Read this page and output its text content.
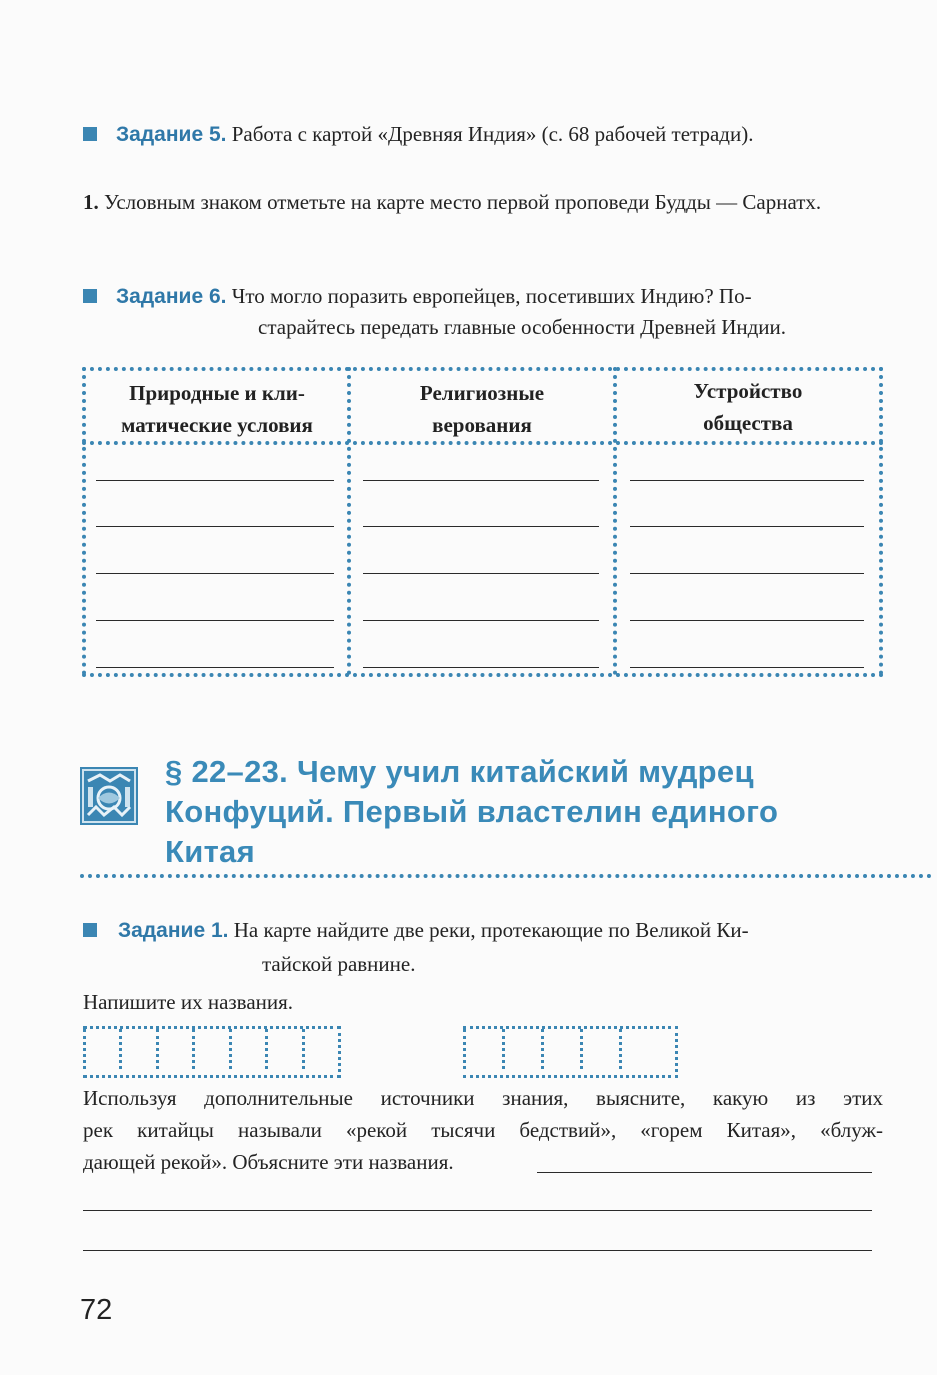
Задание 5. Работа с картой «Древняя Индия» (с. 68 рабочей тетради).
1. Условным знаком отметьте на карте место первой проповеди Будды — Сарнатх.
Задание 6. Что могло поразить европейцев, посетивших Индию? По-
старайтесь передать главные особенности Древней Индии.
Природные и кли-
матические условия
Религиозные
верования
Устройство
общества
§ 22–23. Чему учил китайский мудрец
Конфуций. Первый властелин единого
Китая
Задание 1. На карте найдите две реки, протекающие по Великой Ки-
тайской равнине.
Напишите их названия.
Используя дополнительные источники знания, выясните, какую из этих
рек китайцы называли «рекой тысячи бедствий», «горем Китая», «блуж-
дающей рекой». Объясните эти названия.
72
